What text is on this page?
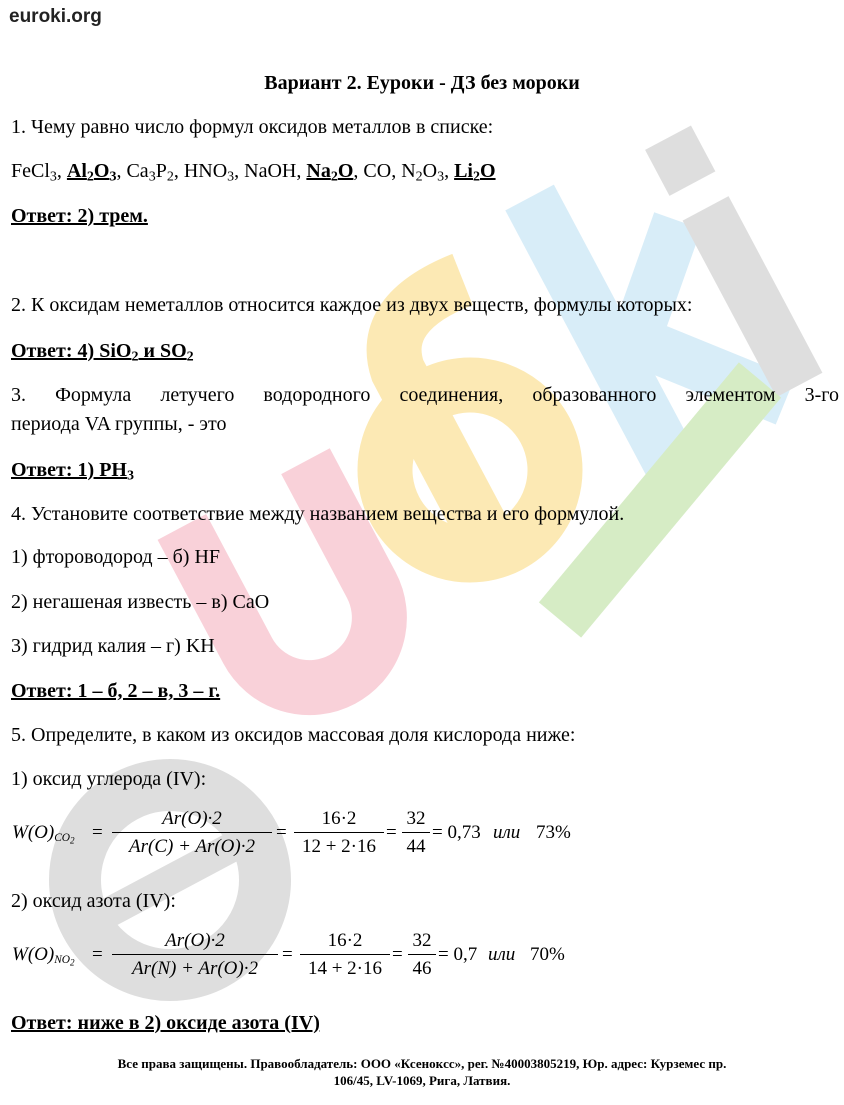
euroki.org
Вариант 2. Еуроки - ДЗ без мороки
1. Чему равно число формул оксидов металлов в списке:
FeCl$_3$, $Al_2O_3$, $Ca_3P_2$, $HNO_3$, NaOH, $Na_2O$, CO, $N_2O_3$, $Li_2O$
Ответ: 2) трем.
2. К оксидам неметаллов относится каждое из двух веществ, формулы которых:
Ответ: 4) SiO$_2$ и $SO_2$
3. Формула летучего водородного соединения, образованного элементом 3-го
периода VA группы, - это
Ответ: 1) $PH_3$
4. Установите соответствие между названием вещества и его формулой.
1) фтороводород – б) HF
2) негашеная известь – в) CaO
3) гидрид калия – г) KH
Ответ: 1 – б, 2 – в, 3 – г.
5. Определите, в каком из оксидов массовая доля кислорода ниже:
1) оксид углерода (IV):
$W(O)_{CO_2}$ =
Ar(O)·2
Ar(C) + Ar(O)·2
=
16·2
12 + 2·16
=
32
44
= 0,73 или 73%
2) оксид азота (IV):
$W(O)_{NO_2}$ =
Ar(O)·2
Ar(N) + Ar(O)·2
=
16·2
14 + 2·16
=
32
46
= 0,7 или 70%
Ответ: ниже в 2) оксиде азота (IV)
Все права защищены. Правообладатель: ООО «Ксенокcс», рег. №40003805219, Юр. адрес: Курземес пр.
106/45, LV-1069, Рига, Латвия.
